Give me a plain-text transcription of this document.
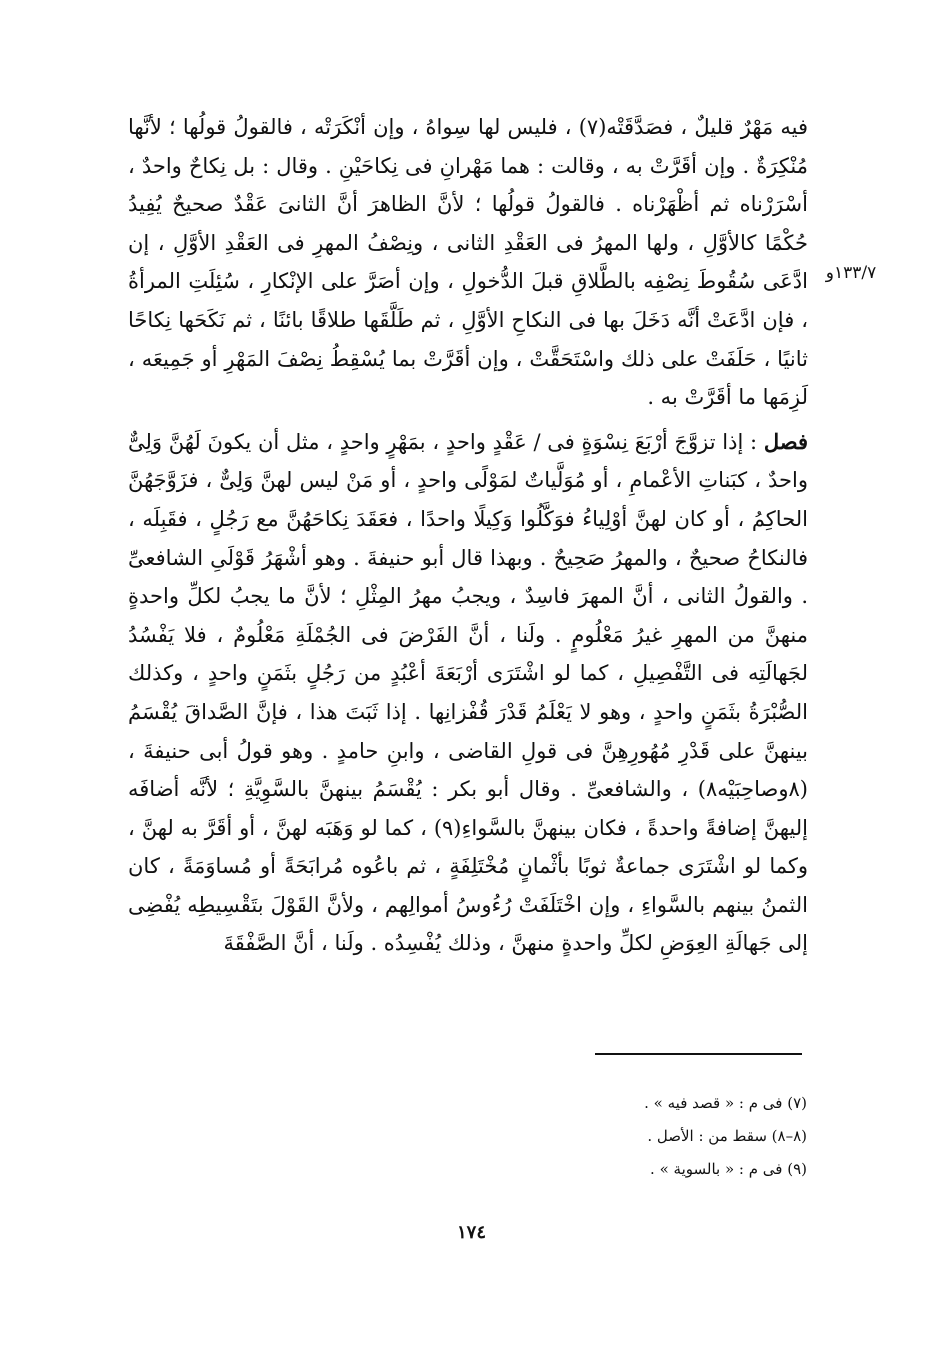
فيه مَهْرٌ قليلٌ ، فصَدَّقَتْه(٧) ، فليس لها سِواهُ ، وإن أنْكَرَتْه ، فالقولُ قولُها ؛ لأنَّها مُنْكِرَةٌ . وإن أقَرَّتْ به ، وقالت : هما مَهْرانِ فى نِكاحَيْنِ . وقال : بل نِكاحٌ واحدٌ ، أسْرَرْناه ثم أظْهَرْناه . فالقولُ قولُها ؛ لأنَّ الظاهرَ أنَّ الثانىَ عَقْدٌ صحيحٌ يُفِيدُ حُكْمًا كالأوَّلِ ، ولها المهرُ فى العَقْدِ الثانى ، ونِصْفُ المهرِ فى العَقْدِ الأوَّلِ ، إن ادَّعَى سُقُوطَ نِصْفِه بالطَّلاقِ قبلَ الدُّخولِ ، وإن أصَرَّ على الإنْكارِ ، سُئِلَتِ المرأةُ ، فإن ادَّعَتْ أنَّه دَخَلَ بها فى النكاحِ الأوَّلِ ، ثم طَلَّقَها طلاقًا بائنًا ، ثم نَكَحَها نِكاحًا ثانيًا ، حَلَفَتْ على ذلك واسْتَحَقَّتْ ، وإن أقَرَّتْ بما يُسْقِطُ نِصْفَ المَهْرِ أو جَمِيعَه ، لَزِمَها ما أقَرَّتْ به .

فصل : إذا تزوَّجَ أرْبَعَ نِسْوَةٍ فى / عَقْدٍ واحدٍ ، بمَهْرٍ واحدٍ ، مثل أن يكونَ لَهُنَّ وَلِىٌّ واحدٌ ، كبَناتِ الأعْمامِ ، أو مُوَلَّياتٌ لمَوْلًى واحدٍ ، أو مَنْ ليس لهنَّ وَلِىٌّ ، فزَوَّجَهُنَّ الحاكِمُ ، أو كان لهنَّ أوْلِياءُ فوَكَّلُوا وَكِيلًا واحدًا ، فعَقَدَ نِكاحَهُنَّ مع رَجُلٍ ، فقَبِلَه ، فالنكاحُ صحيحٌ ، والمهرُ صَحِيحٌ . وبهذا قال أبو حنيفةَ . وهو أشْهَرُ قَوْلَىِ الشافعىِّ . والقولُ الثانى ، أنَّ المهرَ فاسِدٌ ، ويجبُ مهرُ المِثْلِ ؛ لأنَّ ما يجبُ لكلِّ واحدةٍ منهنَّ من المهرِ غيرُ مَعْلُومٍ . ولَنا ، أنَّ الفَرْضَ فى الجُمْلَةِ مَعْلُومٌ ، فلا يَفْسُدُ لجَهالَتِه فى التَّفْصِيلِ ، كما لو اشْتَرَى أرْبَعَةَ أعْبُدٍ من رَجُلٍ بثَمَنٍ واحدٍ ، وكذلك الصُّبْرَةُ بثَمَنٍ واحدٍ ، وهو لا يَعْلَمُ قَدْرَ قُفْزانِها . إذا ثَبَتَ هذا ، فإنَّ الصَّداقَ يُقْسَمُ بينهنَّ على قَدْرِ مُهُورِهِنَّ فى قولِ القاضى ، وابنِ حامدٍ . وهو قولُ أبى حنيفةَ ، (٨وصاحِبَيْه٨) ، والشافعىِّ . وقال أبو بكر : يُقْسَمُ بينهنَّ بالسَّوِيَّةِ ؛ لأنَّه أضافَه إليهنَّ إضافةً واحدةً ، فكان بينهنَّ بالسَّواءِ(٩) ، كما لو وَهَبَه لهنَّ ، أو أقَرَّ به لهنَّ ، وكما لو اشْتَرَى جماعةٌ ثوبًا بأثْمانٍ مُخْتَلِفَةٍ ، ثم باعُوه مُرابَحَةً أو مُساوَمَةً ، كان الثمنُ بينهم بالسَّواءِ ، وإن اخْتَلَفَتْ رُءُوسُ أموالِهم ، ولأنَّ القَوْلَ بتَقْسِيطِه يُفْضِى إلى جَهالَةِ العِوَضِ لكلِّ واحدةٍ منهنَّ ، وذلك يُفْسِدُه . ولَنا ، أنَّ الصَّفْقَةَ

١٣٣/٧و

(٧) فى م : « قصد فيه » .

(٨–٨) سقط من : الأصل .

(٩) فى م : « بالسوية » .

١٧٤
